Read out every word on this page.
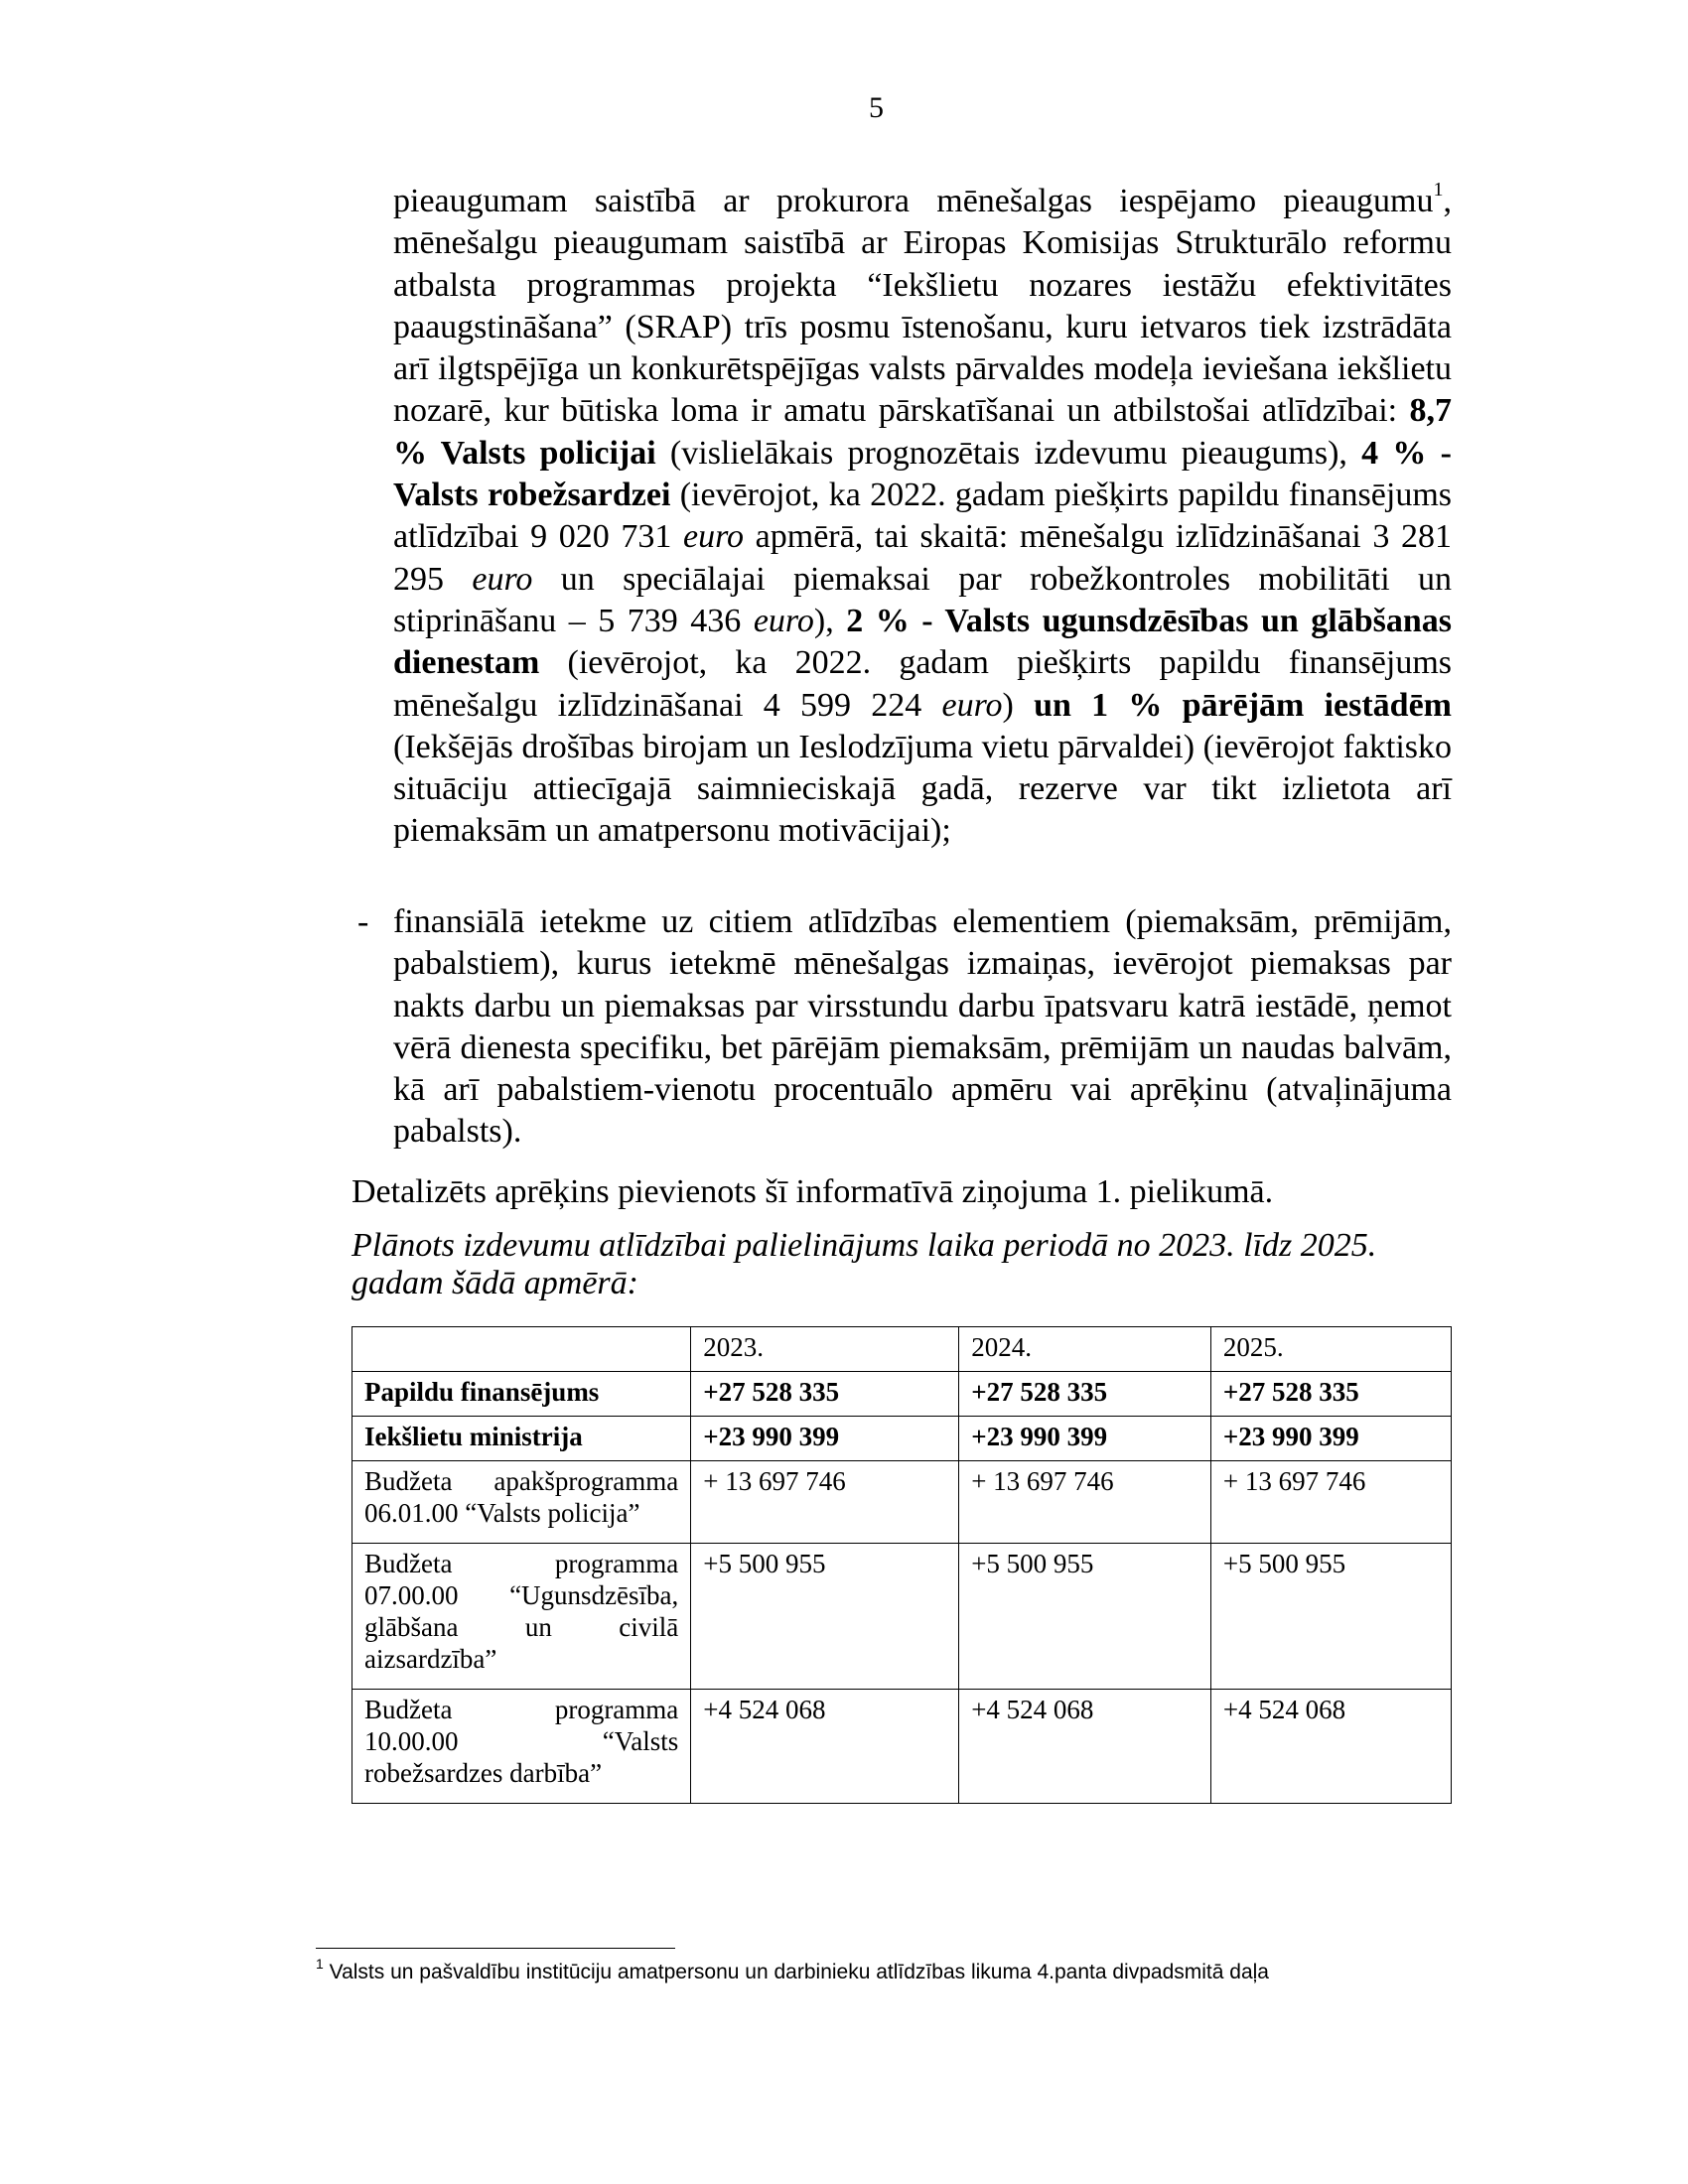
5
pieaugumam saistībā ar prokurora mēnešalgas iespējamo pieaugumu$^1$, mēnešalgu pieaugumam saistībā ar Eiropas Komisijas Strukturālo reformu atbalsta programmas projekta “Iekšlietu nozares iestāžu efektivitātes paaugstināšana” (SRAP) trīs posmu īstenošanu, kuru ietvaros tiek izstrādāta arī ilgtspējīga un konkurētspējīgas valsts pārvaldes modeļa ieviešana iekšlietu nozarē, kur būtiska loma ir amatu pārskatīšanai un atbilstošai atlīdzībai: 8,7 % Valsts policijai (vislielākais prognozētais izdevumu pieaugums), 4 % - Valsts robežsardzei (ievērojot, ka 2022. gadam piešķirts papildu finansējums atlīdzībai 9 020 731 euro apmērā, tai skaitā: mēnešalgu izlīdzināšanai 3 281 295 euro un speciālajai piemaksai par robežkontroles mobilitāti un stiprināšanu – 5 739 436 euro), 2 % - Valsts ugunsdzēsības un glābšanas dienestam (ievērojot, ka 2022. gadam piešķirts papildu finansējums mēnešalgu izlīdzināšanai 4 599 224 euro) un 1 % pārējām iestādēm (Iekšējās drošības birojam un Ieslodzījuma vietu pārvaldei) (ievērojot faktisko situāciju attiecīgajā saimnieciskajā gadā, rezerve var tikt izlietota arī piemaksām un amatpersonu motivācijai);
- finansiālā ietekme uz citiem atlīdzības elementiem (piemaksām, prēmijām, pabalstiem), kurus ietekmē mēnešalgas izmaiņas, ievērojot piemaksas par nakts darbu un piemaksas par virsstundu darbu īpatsvaru katrā iestādē, ņemot vērā dienesta specifiku, bet pārējām piemaksām, prēmijām un naudas balvām, kā arī pabalstiem-vienotu procentuālo apmēru vai aprēķinu (atvaļinājuma pabalsts).
Detalizēts aprēķins pievienots šī informatīvā ziņojuma 1. pielikumā.
Plānots izdevumu atlīdzībai palielinājums laika periodā no 2023. līdz 2025. gadam šādā apmērā:
	2023.	2024.	2025.
Papildu finansējums	+27 528 335	+27 528 335	+27 528 335
Iekšlietu ministrija	+23 990 399	+23 990 399	+23 990 399
Budžeta apakšprogramma 06.01.00 “Valsts policija”	+ 13 697 746	+ 13 697 746	+ 13 697 746
Budžeta programma 07.00.00 “Ugunsdzēsība, glābšana un civilā aizsardzība”	+5 500 955	+5 500 955	+5 500 955
Budžeta programma 10.00.00 “Valsts robežsardzes darbība”	+4 524 068	+4 524 068	+4 524 068
$^1$ Valsts un pašvaldību institūciju amatpersonu un darbinieku atlīdzības likuma 4.panta divpadsmitā daļa
